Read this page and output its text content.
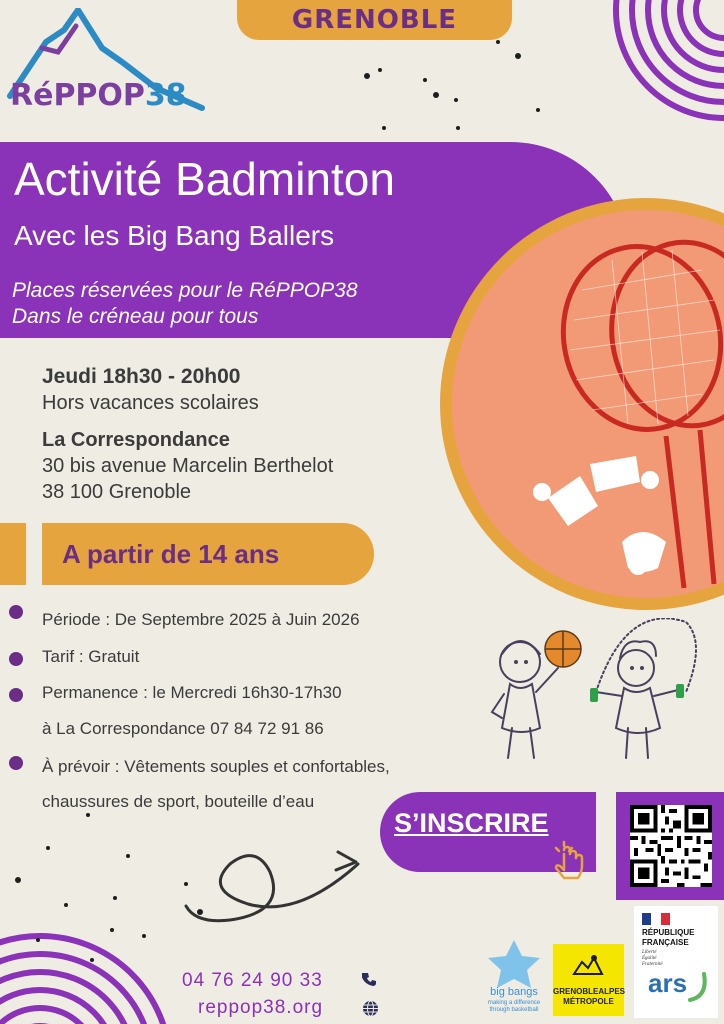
GRENOBLE
RéPPOP38
Activité Badminton
Avec les Big Bang Ballers
Places réservées pour le RéPPOP38
Dans le créneau pour tous
Jeudi 18h30 - 20h00
Hors vacances scolaires
La Correspondance
30 bis avenue Marcelin Berthelot
38 100 Grenoble
A partir de 14 ans
Période : De Septembre 2025 à Juin 2026
Tarif : Gratuit
Permanence : le Mercredi 16h30-17h30
à La Correspondance 07 84 72 91 86
À prévoir : Vêtements souples et confortables,
chaussures de sport, bouteille d’eau
S’INSCRIRE
04 76 24 90 33
reppop38.org
big bangs
making a difference through basketball
GRENOBLEALPES
MÉTROPOLE
RÉPUBLIQUE
FRANÇAISE
Liberté
Égalité
Fraternité
ars
